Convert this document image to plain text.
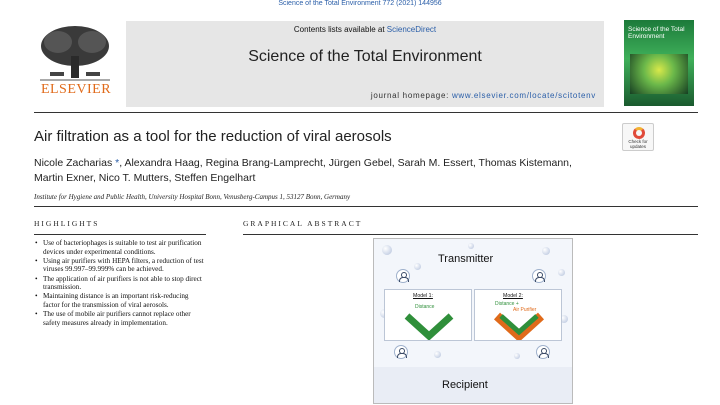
Science of the Total Environment 772 (2021) 144956
ELSEVIER
Contents lists available at ScienceDirect
Science of the Total Environment
journal homepage: www.elsevier.com/locate/scitotenv
Science of the Total Environment
Air filtration as a tool for the reduction of viral aerosols	Check for updates
Nicole Zacharias *, Alexandra Haag, Regina Brang-Lamprecht, Jürgen Gebel, Sarah M. Essert, Thomas Kistemann,
Martin Exner, Nico T. Mutters, Steffen Engelhart
Institute for Hygiene and Public Health, University Hospital Bonn, Venusberg-Campus 1, 53127 Bonn, Germany
HIGHLIGHTS
• Use of bacteriophages is suitable to test air purification devices under experimental conditions.
• Using air purifiers with HEPA filters, a reduction of test viruses 99.997–99.999% can be achieved.
• The application of air purifiers is not able to stop direct transmission.
• Maintaining distance is an important risk-reducing factor for the transmission of viral aerosols.
• The use of mobile air purifiers cannot replace other safety measures already in implementation.
GRAPHICAL ABSTRACT
Transmitter
Model 1:
Distance
Model 2:
Distance +
Air Purifier
Recipient
